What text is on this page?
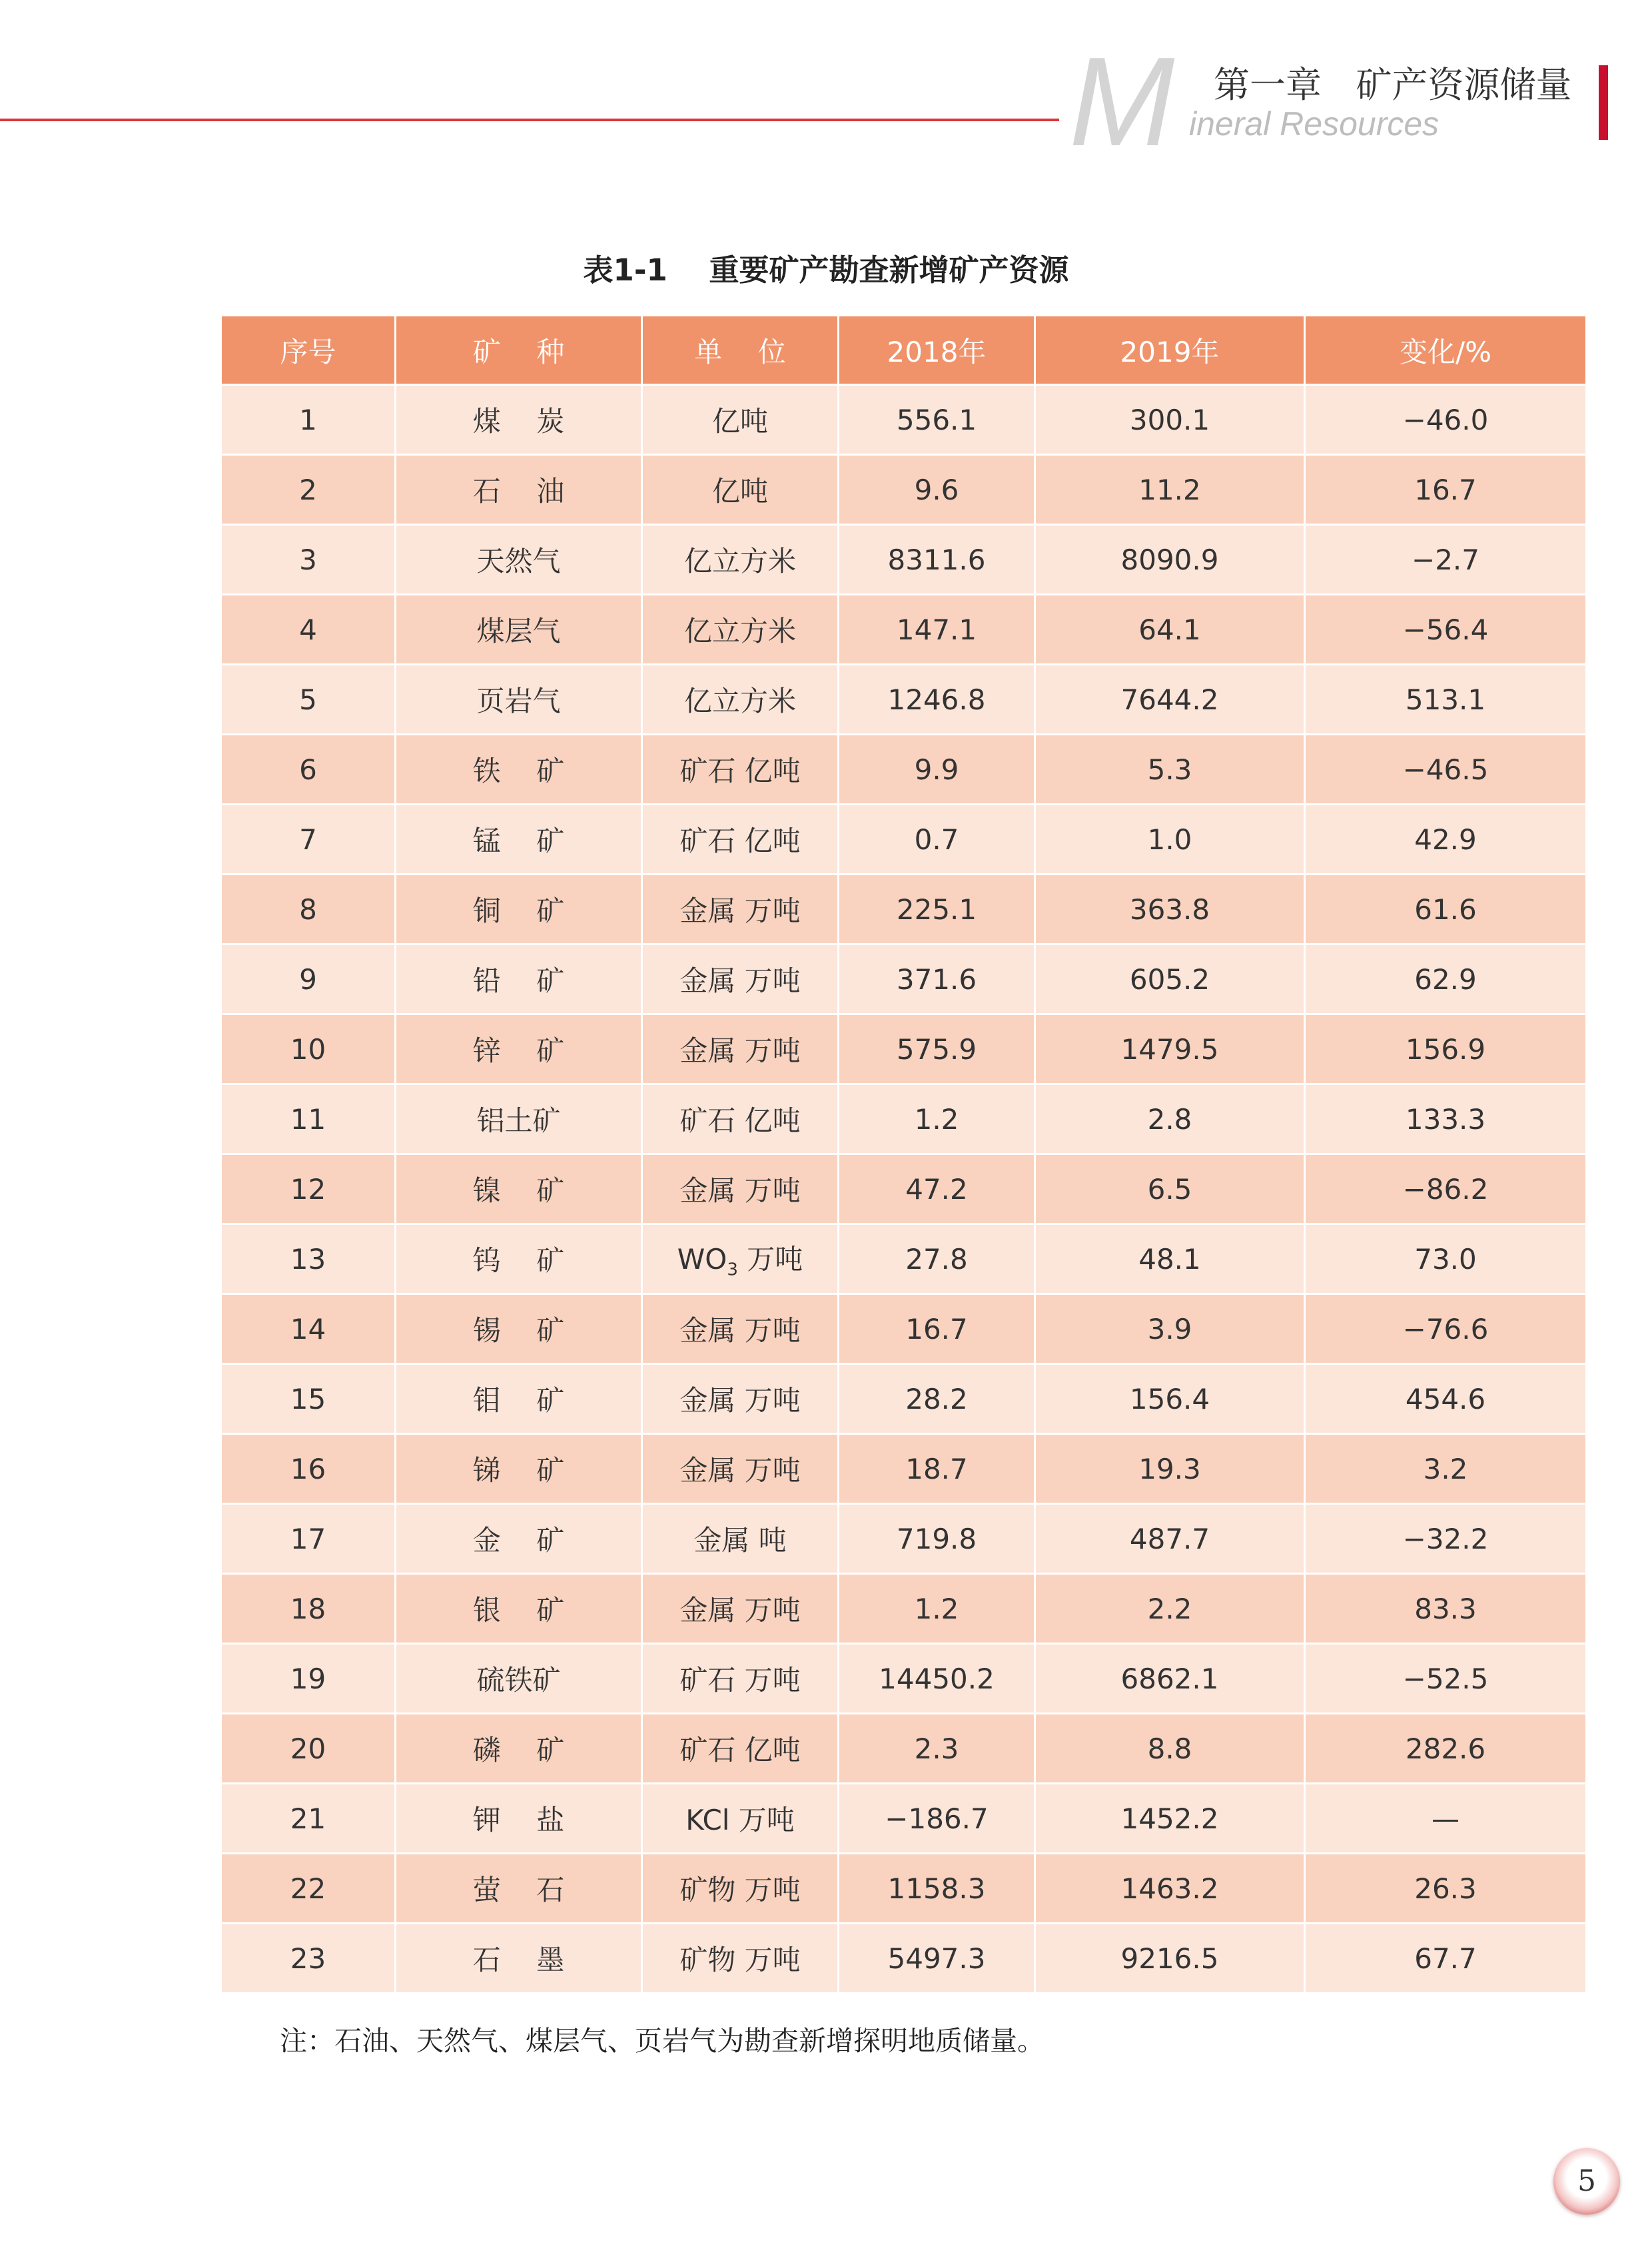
M 第一章   矿产资源储量
ineral Resources
表1-1    重要矿产勘查新增矿产资源
序号	矿    种	单    位	2018年	2019年	变化/%
1	煤    炭	亿吨	556.1	300.1	−46.0
2	石    油	亿吨	9.6	11.2	16.7
3	天然气	亿立方米	8311.6	8090.9	−2.7
4	煤层气	亿立方米	147.1	64.1	−56.4
5	页岩气	亿立方米	1246.8	7644.2	513.1
6	铁    矿	矿石 亿吨	9.9	5.3	−46.5
7	锰    矿	矿石 亿吨	0.7	1.0	42.9
8	铜    矿	金属 万吨	225.1	363.8	61.6
9	铅    矿	金属 万吨	371.6	605.2	62.9
10	锌    矿	金属 万吨	575.9	1479.5	156.9
11	铝土矿	矿石 亿吨	1.2	2.8	133.3
12	镍    矿	金属 万吨	47.2	6.5	−86.2
13	钨    矿	$WO_3$ 万吨	27.8	48.1	73.0
14	锡    矿	金属 万吨	16.7	3.9	−76.6
15	钼    矿	金属 万吨	28.2	156.4	454.6
16	锑    矿	金属 万吨	18.7	19.3	3.2
17	金    矿	金属 吨	719.8	487.7	−32.2
18	银    矿	金属 万吨	1.2	2.2	83.3
19	硫铁矿	矿石 万吨	14450.2	6862.1	−52.5
20	磷    矿	矿石 亿吨	2.3	8.8	282.6
21	钾    盐	KCl 万吨	−186.7	1452.2	—
22	萤    石	矿物 万吨	1158.3	1463.2	26.3
23	石    墨	矿物 万吨	5497.3	9216.5	67.7
注：石油、天然气、煤层气、页岩气为勘查新增探明地质储量。
5
